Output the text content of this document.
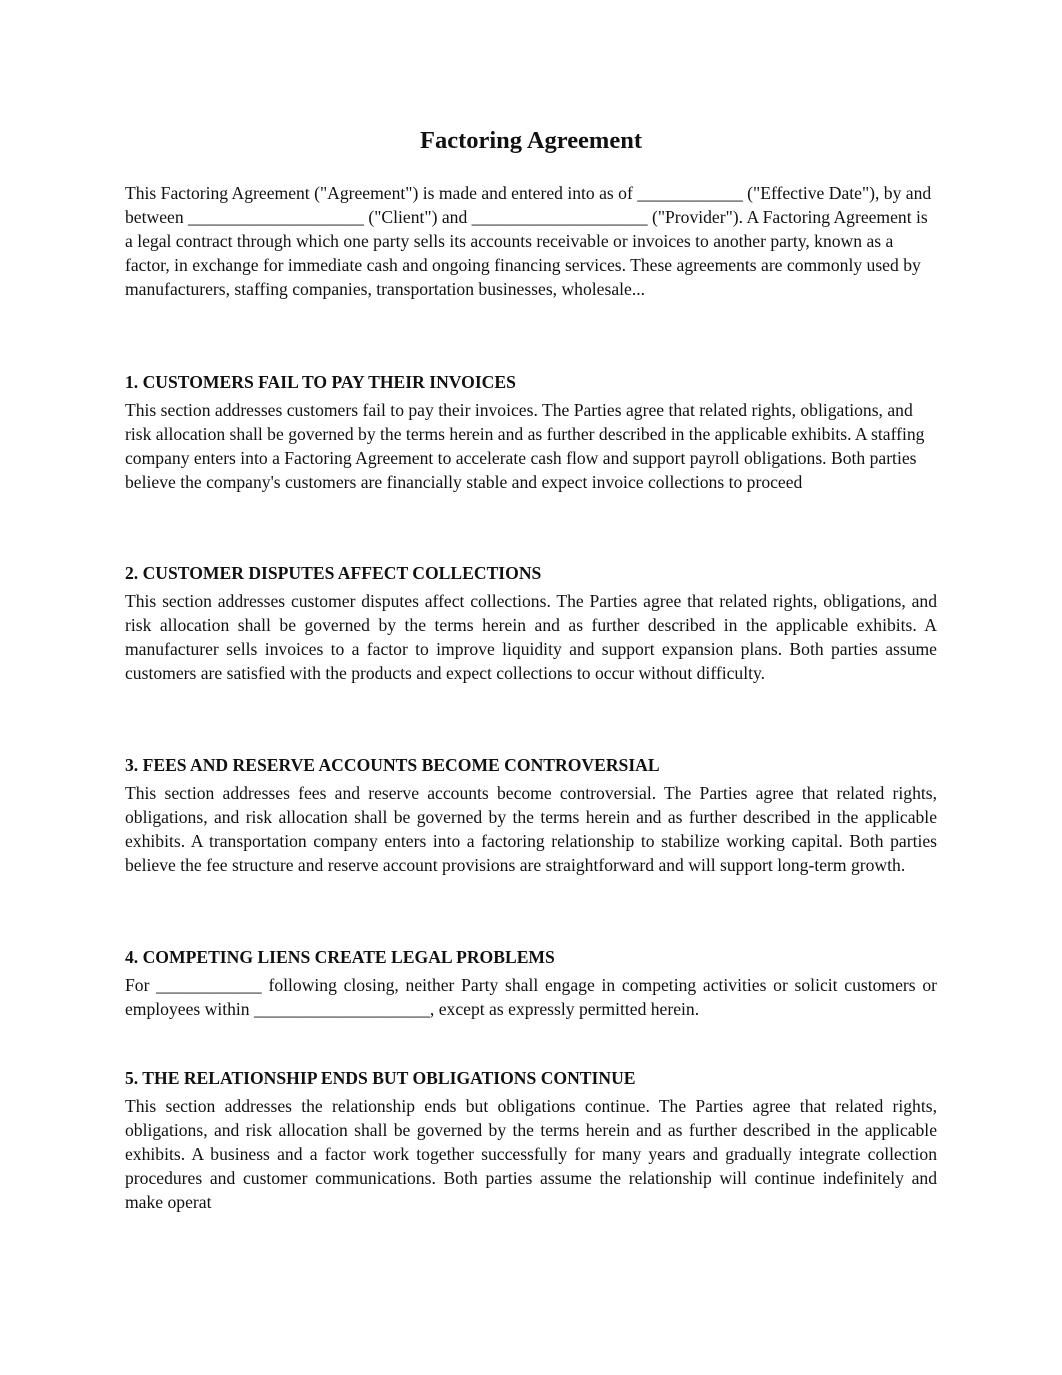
Factoring Agreement

This Factoring Agreement ("Agreement") is made and entered into as of ____________ ("Effective Date"), by and between ____________________ ("Client") and ____________________ ("Provider"). A Factoring Agreement is a legal contract through which one party sells its accounts receivable or invoices to another party, known as a factor, in exchange for immediate cash and ongoing financing services. These agreements are commonly used by manufacturers, staffing companies, transportation businesses, wholesale...

1. CUSTOMERS FAIL TO PAY THEIR INVOICES

This section addresses customers fail to pay their invoices. The Parties agree that related rights, obligations, and risk allocation shall be governed by the terms herein and as further described in the applicable exhibits. A staffing company enters into a Factoring Agreement to accelerate cash flow and support payroll obligations. Both parties believe the company's customers are financially stable and expect invoice collections to proceed

2. CUSTOMER DISPUTES AFFECT COLLECTIONS

This section addresses customer disputes affect collections. The Parties agree that related rights, obligations, and risk allocation shall be governed by the terms herein and as further described in the applicable exhibits. A manufacturer sells invoices to a factor to improve liquidity and support expansion plans. Both parties assume customers are satisfied with the products and expect collections to occur without difficulty.

3. FEES AND RESERVE ACCOUNTS BECOME CONTROVERSIAL

This section addresses fees and reserve accounts become controversial. The Parties agree that related rights, obligations, and risk allocation shall be governed by the terms herein and as further described in the applicable exhibits. A transportation company enters into a factoring relationship to stabilize working capital. Both parties believe the fee structure and reserve account provisions are straightforward and will support long-term growth.

4. COMPETING LIENS CREATE LEGAL PROBLEMS

For ____________ following closing, neither Party shall engage in competing activities or solicit customers or employees within ____________________, except as expressly permitted herein.

5. THE RELATIONSHIP ENDS BUT OBLIGATIONS CONTINUE

This section addresses the relationship ends but obligations continue. The Parties agree that related rights, obligations, and risk allocation shall be governed by the terms herein and as further described in the applicable exhibits. A business and a factor work together successfully for many years and gradually integrate collection procedures and customer communications. Both parties assume the relationship will continue indefinitely and make operat
